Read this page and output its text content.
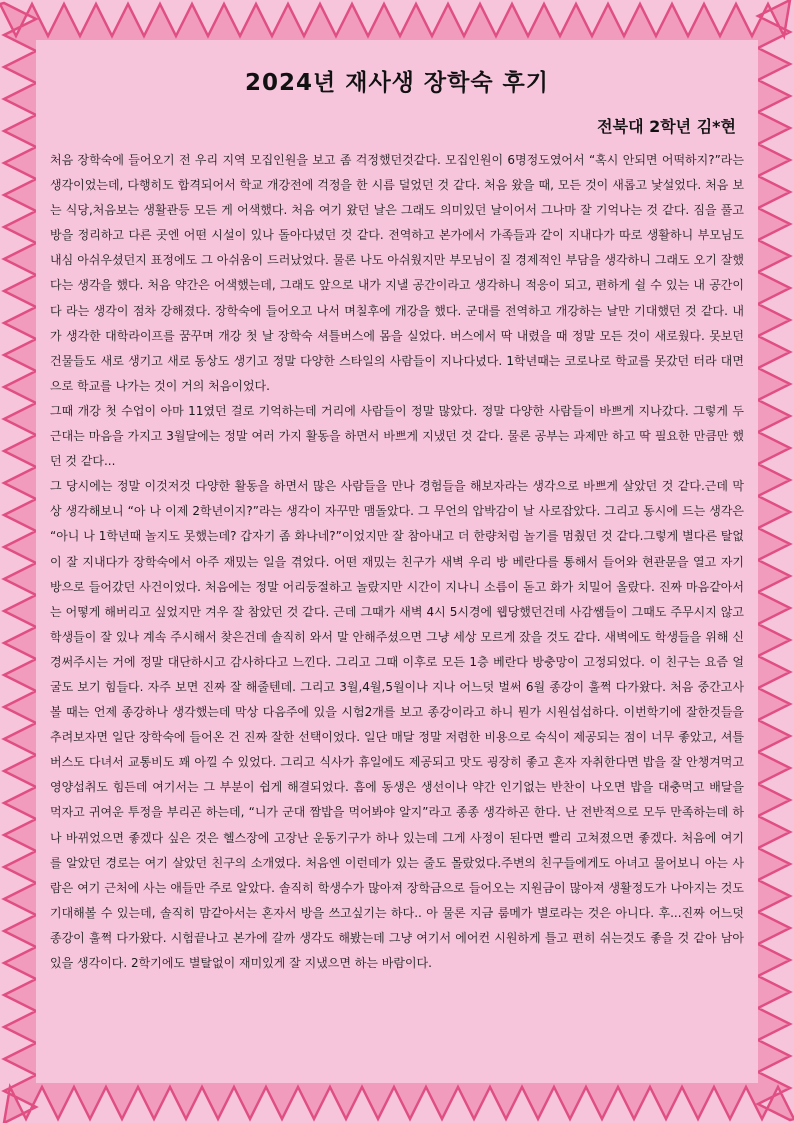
2024년 재사생 장학숙 후기
전북대 2학년 김*현

처음 장학숙에 들어오기 전 우리 지역 모집인원을 보고 좀 걱정했던것같다. 모집인원이 6명정도였어서 “혹시 안되면 어떡하지?”라는 생각이었는데, 다행히도 합격되어서 학교 개강전에 걱정을 한 시름 덜었던 것 같다. 처음 왔을 때, 모든 것이 새롭고 낯설었다. 처음 보는 식당,처음보는 생활관등 모든 게 어색했다. 처음 여기 왔던 날은 그래도 의미있던 날이어서 그나마 잘 기억나는 것 같다. 짐을 풀고 방을 정리하고 다른 곳엔 어떤 시설이 있나 돌아다녔던 것 같다. 전역하고 본가에서 가족들과 같이 지내다가 따로 생활하니 부모님도 내심 아쉬우셨던지 표정에도 그 아쉬움이 드러났었다. 물론 나도 아쉬웠지만 부모님이 질 경제적인 부담을 생각하니 그래도 오기 잘했다는 생각을 했다. 처음 약간은 어색했는데, 그래도 앞으로 내가 지낼 공간이라고 생각하니 적응이 되고, 편하게 쉴 수 있는 내 공간이다 라는 생각이 점차 강해졌다. 장학숙에 들어오고 나서 며칠후에 개강을 했다. 군대를 전역하고 개강하는 날만 기대했던 것 같다. 내가 생각한 대학라이프를 꿈꾸며 개강 첫 날 장학숙 셔틀버스에 몸을 실었다. 버스에서 딱 내렸을 때 정말 모든 것이 새로웠다. 못보던 건물들도 새로 생기고 새로 동상도 생기고 정말 다양한 스타일의 사람들이 지나다녔다. 1학년때는 코로나로 학교를 못갔던 터라 대면으로 학교를 나가는 것이 거의 처음이었다.

그때 개강 첫 수업이 아마 11였던 걸로 기억하는데 거리에 사람들이 정말 많았다. 정말 다양한 사람들이 바쁘게 지나갔다. 그렇게 두근대는 마음을 가지고 3월달에는 정말 여러 가지 활동을 하면서 바쁘게 지냈던 것 같다. 물론 공부는 과제만 하고 딱 필요한 만큼만 했던 것 같다...

그 당시에는 정말 이것저것 다양한 활동을 하면서 많은 사람들을 만나 경험들을 해보자라는 생각으로 바쁘게 살았던 것 같다.근데 막상 생각해보니 “아 나 이제 2학년이지?”라는 생각이 자꾸만 맴돌았다. 그 무언의 압박감이 날 사로잡았다. 그리고 동시에 드는 생각은 “아니 나 1학년때 놀지도 못했는데? 갑자기 좀 화나네?”이었지만 잘 참아내고 더 한량처럼 놀기를 멈췄던 것 같다.그렇게 별다른 탈없이 잘 지내다가 장학숙에서 아주 재밌는 일을 겪었다. 어떤 재밌는 친구가 새벽 우리 방 베란다를 통해서 들어와 현관문을 열고 자기 방으로 들어갔던 사건이었다. 처음에는 정말 어리둥절하고 놀랐지만 시간이 지나니 소름이 돋고 화가 치밀어 올랐다. 진짜 마음같아서는 어떻게 해버리고 싶었지만 겨우 잘 참았던 것 같다. 근데 그때가 새벽 4시 5시경에 웹당했던건데 사감쌤들이 그때도 주무시지 않고 학생들이 잘 있나 계속 주시해서 찾은건데 솔직히 와서 말 안해주셨으면 그냥 세상 모르게 잤을 것도 같다. 새벽에도 학생들을 위해 신경써주시는 거에 정말 대단하시고 감사하다고 느낀다. 그리고 그때 이후로 모든 1층 베란다 방충망이 고정되었다. 이 친구는 요즘 얼굴도 보기 힘들다. 자주 보면 진짜 잘 해줄텐데. 그리고 3월,4월,5월이나 지나 어느덧 벌써 6월 종강이 훌쩍 다가왔다. 처음 중간고사 볼 때는 언제 종강하나 생각했는데 막상 다음주에 있을 시험2개를 보고 종강이라고 하니 뭔가 시원섭섭하다. 이번학기에 잘한것들을 추려보자면 일단 장학숙에 들어온 건 진짜 잘한 선택이었다. 일단 매달 정말 저렴한 비용으로 숙식이 제공되는 점이 너무 좋았고, 셔틀버스도 다녀서 교통비도 꽤 아낄 수 있었다. 그리고 식사가 휴일에도 제공되고 맛도 굉장히 좋고 혼자 자취한다면 밥을 잘 안챙겨먹고 영양섭취도 힘든데 여기서는 그 부분이 쉽게 해결되었다. 흠에 동생은 생선이나 약간 인기없는 반찬이 나오면 밥을 대충먹고 배달을 먹자고 귀여운 투정을 부리곤 하는데, “니가 군대 짬밥을 먹어봐야 알지”라고 종종 생각하곤 한다. 난 전반적으로 모두 만족하는데 하나 바뀌었으면 좋겠다 싶은 것은 헬스장에 고장난 운동기구가 하나 있는데 그게 사정이 된다면 빨리 고쳐졌으면 좋겠다. 처음에 여기를 알았던 경로는 여기 살았던 친구의 소개였다. 처음엔 이런데가 있는 줄도 몰랐었다.주변의 친구들에게도 아녀고 물어보니 아는 사람은 여기 근처에 사는 애들만 주로 알았다. 솔직히 학생수가 많아져 장학금으로 들어오는 지원금이 많아져 생활정도가 나아지는 것도 기대해볼 수 있는데, 솔직히 맘같아서는 혼자서 방을 쓰고싶기는 하다.. 아 물론 지금 룸메가 별로라는 것은 아니다. 후...진짜 어느덧 종강이 훌쩍 다가왔다. 시험끝나고 본가에 갈까 생각도 해봤는데 그냥 여기서 에어컨 시원하게 틀고 편히 쉬는것도 좋을 것 같아 남아있을 생각이다. 2학기에도 별탈없이 재미있게 잘 지냈으면 하는 바람이다.
